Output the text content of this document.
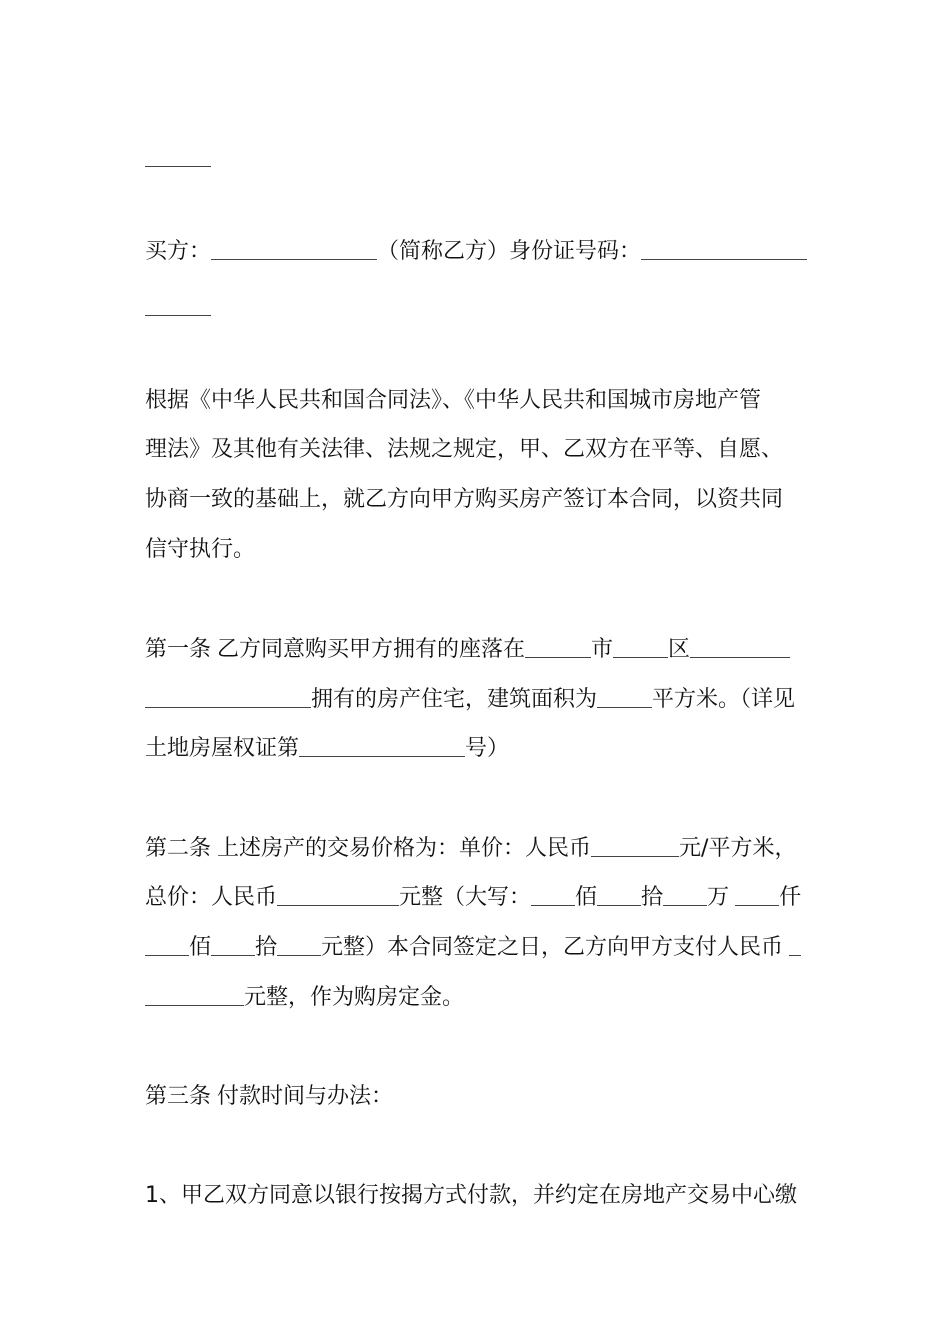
买方：	（简称乙方）身份证号码：
根据《中华人民共和国合同法》、《中华人民共和国城市房地产管
理法》及其他有关法律、法规之规定，甲、乙双方在平等、自愿、
协商一致的基础上，就乙方向甲方购买房产签订本合同，以资共同
信守执行。
第一条 乙方同意购买甲方拥有的座落在	市	区
拥有的房产住宅，建筑面积为	平方米。（详见
土地房屋权证第	号）
第二条 上述房产的交易价格为：单价：人民币	元/平方米，
总价：人民币	元整（大写： 佰 拾 万 仟
佰 拾 元整）本合同签定之日，乙方向甲方支付人民币
元整，作为购房定金。
第三条 付款时间与办法：
1、甲乙双方同意以银行按揭方式付款，并约定在房地产交易中心缴
